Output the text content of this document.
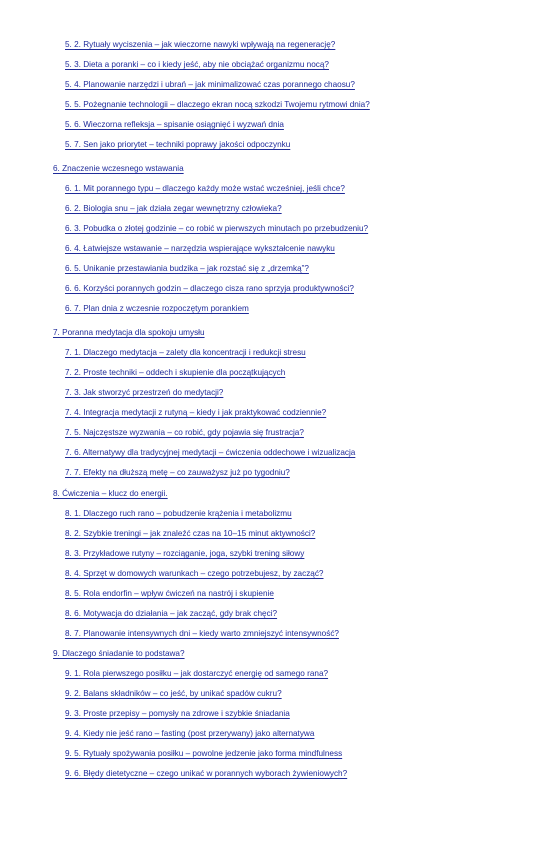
5. 2. Rytuały wyciszenia – jak wieczorne nawyki wpływają na regenerację?
5. 3. Dieta a poranki – co i kiedy jeść, aby nie obciążać organizmu nocą?
5. 4. Planowanie narzędzi i ubrań – jak minimalizować czas porannego chaosu?
5. 5. Pożegnanie technologii – dlaczego ekran nocą szkodzi Twojemu rytmowi dnia?
5. 6. Wieczorna refleksja – spisanie osiągnięć i wyzwań dnia
5. 7. Sen jako priorytet – techniki poprawy jakości odpoczynku
6. Znaczenie wczesnego wstawania
6. 1. Mit porannego typu – dlaczego każdy może wstać wcześniej, jeśli chce?
6. 2. Biologia snu – jak działa zegar wewnętrzny człowieka?
6. 3. Pobudka o złotej godzinie – co robić w pierwszych minutach po przebudzeniu?
6. 4. Łatwiejsze wstawanie – narzędzia wspierające wykształcenie nawyku
6. 5. Unikanie przestawiania budzika – jak rozstać się z „drzemką”?
6. 6. Korzyści porannych godzin – dlaczego cisza rano sprzyja produktywności?
6. 7. Plan dnia z wczesnie rozpoczętym porankiem
7. Poranna medytacja dla spokoju umysłu
7. 1. Dlaczego medytacja – zalety dla koncentracji i redukcji stresu
7. 2. Proste techniki – oddech i skupienie dla początkujących
7. 3. Jak stworzyć przestrzeń do medytacji?
7. 4. Integracja medytacji z rutyną – kiedy i jak praktykować codziennie?
7. 5. Najczęstsze wyzwania – co robić, gdy pojawia się frustracja?
7. 6. Alternatywy dla tradycyjnej medytacji – ćwiczenia oddechowe i wizualizacja
7. 7. Efekty na dłuższą metę – co zauważysz już po tygodniu?
8. Ćwiczenia – klucz do energii.
8. 1. Dlaczego ruch rano – pobudzenie krążenia i metabolizmu
8. 2. Szybkie treningi – jak znaleźć czas na 10–15 minut aktywności?
8. 3. Przykładowe rutyny – rozciąganie, joga, szybki trening siłowy
8. 4. Sprzęt w domowych warunkach – czego potrzebujesz, by zacząć?
8. 5. Rola endorfin – wpływ ćwiczeń na nastrój i skupienie
8. 6. Motywacja do działania – jak zacząć, gdy brak chęci?
8. 7. Planowanie intensywnych dni – kiedy warto zmniejszyć intensywność?
9. Dlaczego śniadanie to podstawa?
9. 1. Rola pierwszego posiłku – jak dostarczyć energię od samego rana?
9. 2. Balans składników – co jeść, by unikać spadów cukru?
9. 3. Proste przepisy – pomysły na zdrowe i szybkie śniadania
9. 4. Kiedy nie jeść rano – fasting (post przerywany) jako alternatywa
9. 5. Rytuały spożywania posiłku – powolne jedzenie jako forma mindfulness
9. 6. Błędy dietetyczne – czego unikać w porannych wyborach żywieniowych?
